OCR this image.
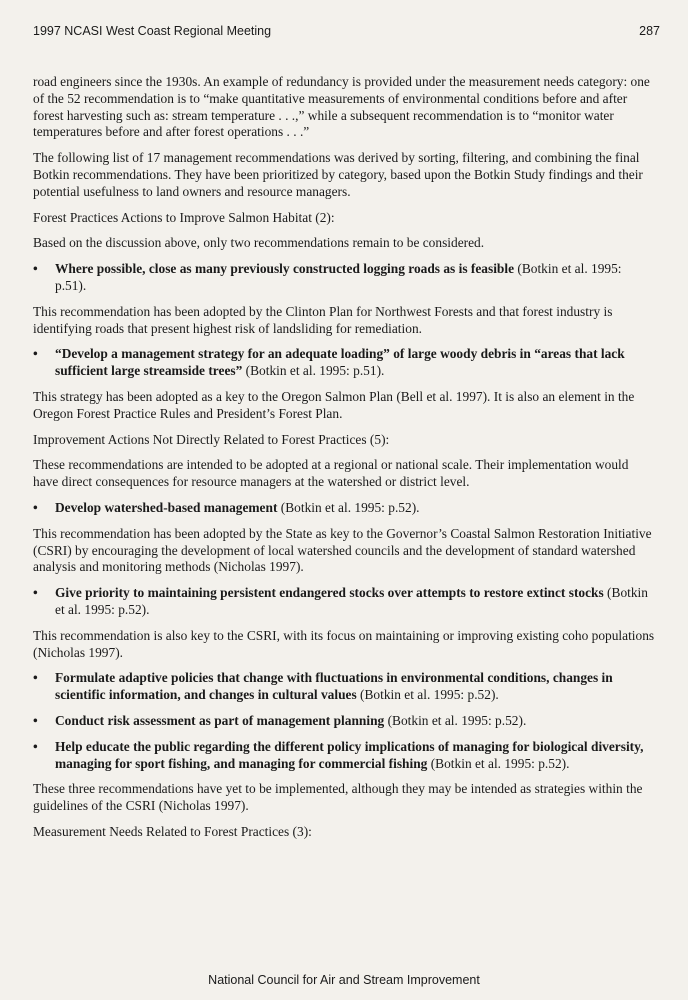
1997 NCASI West Coast Regional Meeting	287

road engineers since the 1930s. An example of redundancy is provided under the measurement needs category: one of the 52 recommendation is to “make quantitative measurements of environmental conditions before and after forest harvesting such as: stream temperature . . .,” while a subsequent recommendation is to “monitor water temperatures before and after forest operations . . .”

The following list of 17 management recommendations was derived by sorting, filtering, and combining the final Botkin recommendations. They have been prioritized by category, based upon the Botkin Study findings and their potential usefulness to land owners and resource managers.

Forest Practices Actions to Improve Salmon Habitat (2):

Based on the discussion above, only two recommendations remain to be considered.

•	Where possible, close as many previously constructed logging roads as is feasible (Botkin et al. 1995: p.51).

This recommendation has been adopted by the Clinton Plan for Northwest Forests and that forest industry is identifying roads that present highest risk of landsliding for remediation.

•	“Develop a management strategy for an adequate loading” of large woody debris in “areas that lack sufficient large streamside trees” (Botkin et al. 1995: p.51).

This strategy has been adopted as a key to the Oregon Salmon Plan (Bell et al. 1997). It is also an element in the Oregon Forest Practice Rules and President’s Forest Plan.

Improvement Actions Not Directly Related to Forest Practices (5):

These recommendations are intended to be adopted at a regional or national scale. Their implementation would have direct consequences for resource managers at the watershed or district level.

•	Develop watershed-based management (Botkin et al. 1995: p.52).

This recommendation has been adopted by the State as key to the Governor’s Coastal Salmon Restoration Initiative (CSRI) by encouraging the development of local watershed councils and the development of standard watershed analysis and monitoring methods (Nicholas 1997).

•	Give priority to maintaining persistent endangered stocks over attempts to restore extinct stocks (Botkin et al. 1995: p.52).

This recommendation is also key to the CSRI, with its focus on maintaining or improving existing coho populations (Nicholas 1997).

•	Formulate adaptive policies that change with fluctuations in environmental conditions, changes in scientific information, and changes in cultural values (Botkin et al. 1995: p.52).
•	Conduct risk assessment as part of management planning (Botkin et al. 1995: p.52).
•	Help educate the public regarding the different policy implications of managing for biological diversity, managing for sport fishing, and managing for commercial fishing (Botkin et al. 1995: p.52).

These three recommendations have yet to be implemented, although they may be intended as strategies within the guidelines of the CSRI (Nicholas 1997).

Measurement Needs Related to Forest Practices (3):

National Council for Air and Stream Improvement
